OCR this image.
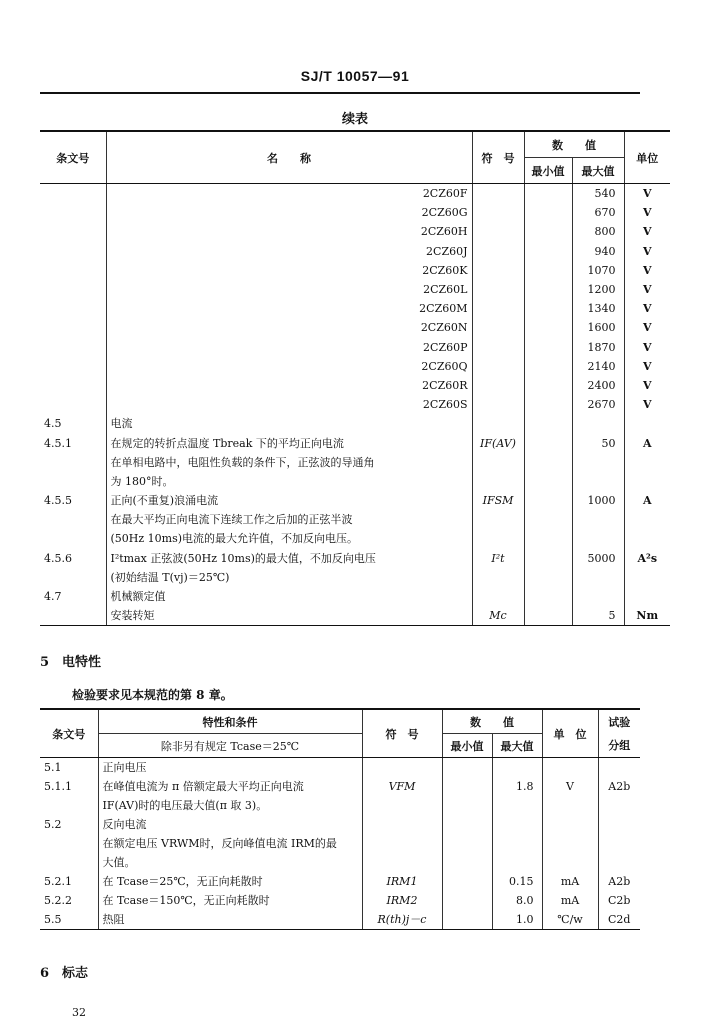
SJ/T 10057—91
续表
条文号	名　　称	符　号	数　　值		单位
			最小值	最大值	
	2CZ60F			540	V
	2CZ60G			670	V
	2CZ60H			800	V
	2CZ60J			940	V
	2CZ60K			1070	V
	2CZ60L			1200	V
	2CZ60M			1340	V
	2CZ60N			1600	V
	2CZ60P			1870	V
	2CZ60Q			2140	V
	2CZ60R			2400	V
	2CZ60S			2670	V
4.5	电流				
4.5.1	在规定的转折点温度 Tbreak 下的平均正向电流	IF(AV)		50	A
	在单相电路中，电阻性负载的条件下，正弦波的导通角				
	为 180°时。				
4.5.5	正向(不重复)浪涌电流	IFSM		1000	A
	在最大平均正向电流下连续工作之后加的正弦半波				
	(50Hz 10ms)电流的最大允许值，不加反向电压。				
4.5.6	I²tmax 正弦波(50Hz 10ms)的最大值，不加反向电压	I²t		5000	A²s
	(初始结温 T(vj)＝25℃)				
4.7	机械额定值				
	安装转矩	Mc		5	Nm
5　电特性
检验要求见本规范的第 8 章。
条文号	特性和条件	符　号	数　　值		单　位	试验
	除非另有规定 Tcase＝25℃		最小值	最大值		分组
5.1	正向电压					
5.1.1	在峰值电流为 π 倍额定最大平均正向电流	VFM		1.8	V	A2b
	IF(AV)时的电压最大值(π 取 3)。					
5.2	反向电流					
	在额定电压 VRWM时，反向峰值电流 IRM的最					
	大值。					
5.2.1	在 Tcase＝25℃，无正向耗散时	IRM1		0.15	mA	A2b
5.2.2	在 Tcase＝150℃，无正向耗散时	IRM2		8.0	mA	C2b
5.5	热阻	R(th)j－c		1.0	℃/w	C2d
6　标志
32
